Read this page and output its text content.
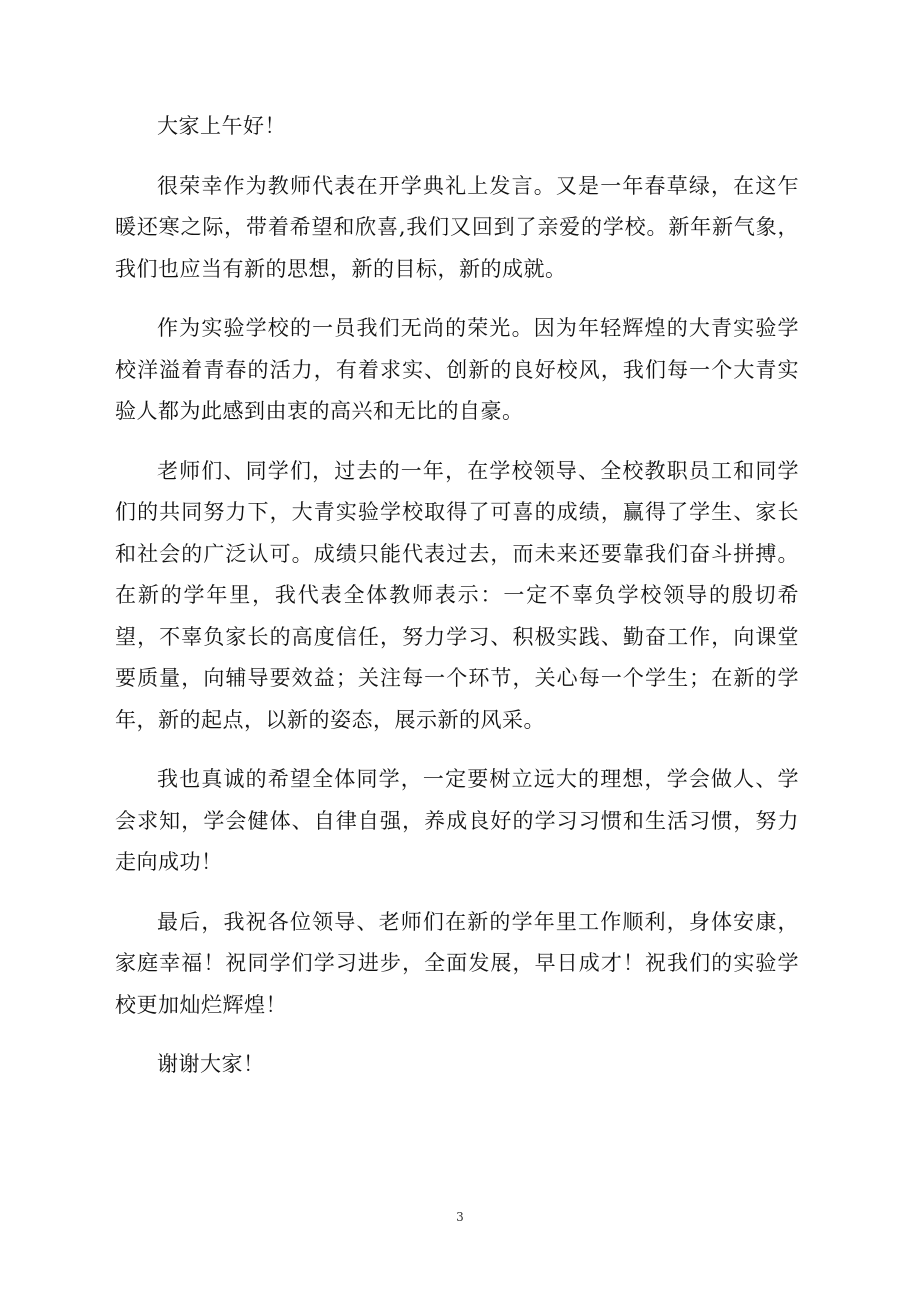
大家上午好！

很荣幸作为教师代表在开学典礼上发言。又是一年春草绿，在这乍暖还寒之际，带着希望和欣喜,我们又回到了亲爱的学校。新年新气象，我们也应当有新的思想，新的目标，新的成就。

作为实验学校的一员我们无尚的荣光。因为年轻辉煌的大青实验学校洋溢着青春的活力，有着求实、创新的良好校风，我们每一个大青实验人都为此感到由衷的高兴和无比的自豪。

老师们、同学们，过去的一年，在学校领导、全校教职员工和同学们的共同努力下，大青实验学校取得了可喜的成绩，赢得了学生、家长和社会的广泛认可。成绩只能代表过去，而未来还要靠我们奋斗拼搏。在新的学年里，我代表全体教师表示：一定不辜负学校领导的殷切希望，不辜负家长的高度信任，努力学习、积极实践、勤奋工作，向课堂要质量，向辅导要效益；关注每一个环节，关心每一个学生；在新的学年，新的起点，以新的姿态，展示新的风采。

我也真诚的希望全体同学，一定要树立远大的理想，学会做人、学会求知，学会健体、自律自强，养成良好的学习习惯和生活习惯，努力走向成功！

最后，我祝各位领导、老师们在新的学年里工作顺利，身体安康，家庭幸福！祝同学们学习进步，全面发展，早日成才！祝我们的实验学校更加灿烂辉煌！

谢谢大家！

3
